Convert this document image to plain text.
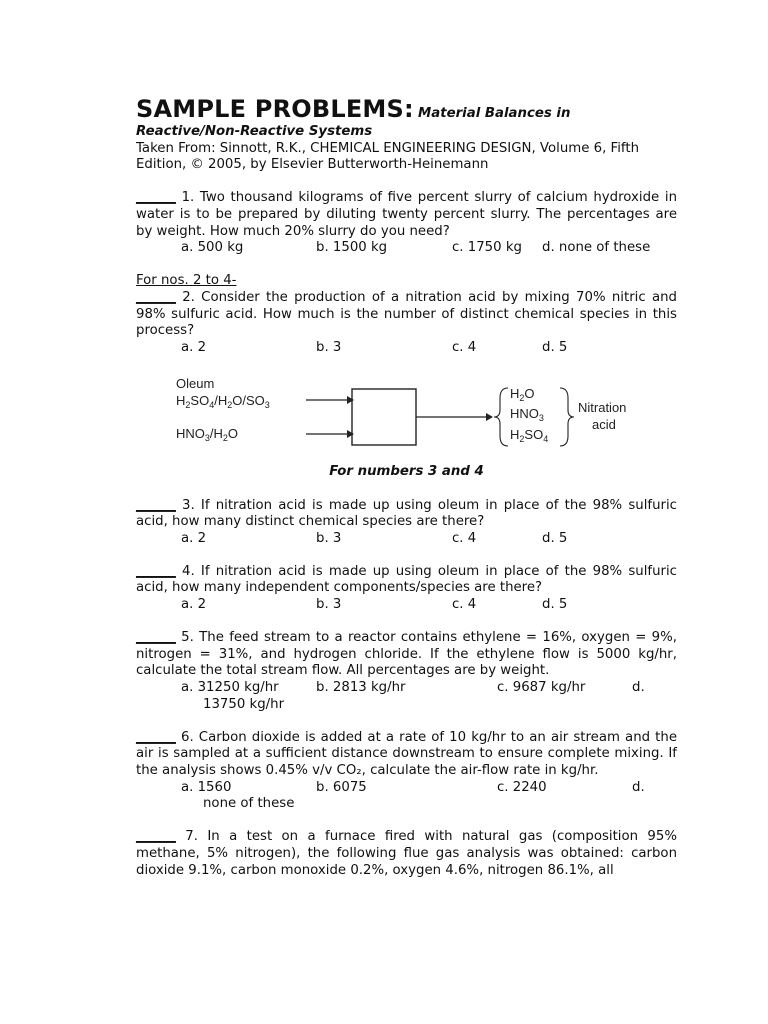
SAMPLE PROBLEMS: Material Balances in
Reactive/Non-Reactive Systems

Taken From: Sinnott, R.K., CHEMICAL ENGINEERING DESIGN, Volume 6, Fifth Edition, © 2005, by Elsevier Butterworth-Heinemann

______ 1. Two thousand kilograms of five percent slurry of calcium hydroxide in water is to be prepared by diluting twenty percent slurry. The percentages are by weight. How much 20% slurry do you need?

a. 500 kg	b. 1500 kg	c. 1750 kg d. none of these
For nos. 2 to 4-

______ 2. Consider the production of a nitration acid by mixing 70% nitric and 98% sulfuric acid. How much is the number of distinct chemical species in this process?

a. 2	b. 3	c. 4	d. 5
Oleum
$H_2SO_4/H_2O/SO_3$
$HNO_3/H_2O$
$H_2O$
$HNO_3$
$H_2SO_4$
Nitration
acid
For numbers 3 and 4

______ 3. If nitration acid is made up using oleum in place of the 98% sulfuric acid, how many distinct chemical species are there?

a. 2	b. 3	c. 4	d. 5

______ 4. If nitration acid is made up using oleum in place of the 98% sulfuric acid, how many independent components/species are there?

a. 2	b. 3	c. 4	d. 5

______ 5. The feed stream to a reactor contains ethylene = 16%, oxygen = 9%, nitrogen = 31%, and hydrogen chloride. If the ethylene flow is 5000 kg/hr, calculate the total stream flow. All percentages are by weight.

a. 31250 kg/hr	b. 2813 kg/hr	c. 9687 kg/hr	d.
13750 kg/hr

______ 6. Carbon dioxide is added at a rate of 10 kg/hr to an air stream and the air is sampled at a sufficient distance downstream to ensure complete mixing. If the analysis shows 0.45% v/v CO₂, calculate the air-flow rate in kg/hr.

a. 1560	b. 6075	c. 2240	d.
none of these

______ 7. In a test on a furnace fired with natural gas (composition 95% methane, 5% nitrogen), the following flue gas analysis was obtained: carbon dioxide 9.1%, carbon monoxide 0.2%, oxygen 4.6%, nitrogen 86.1%, all
